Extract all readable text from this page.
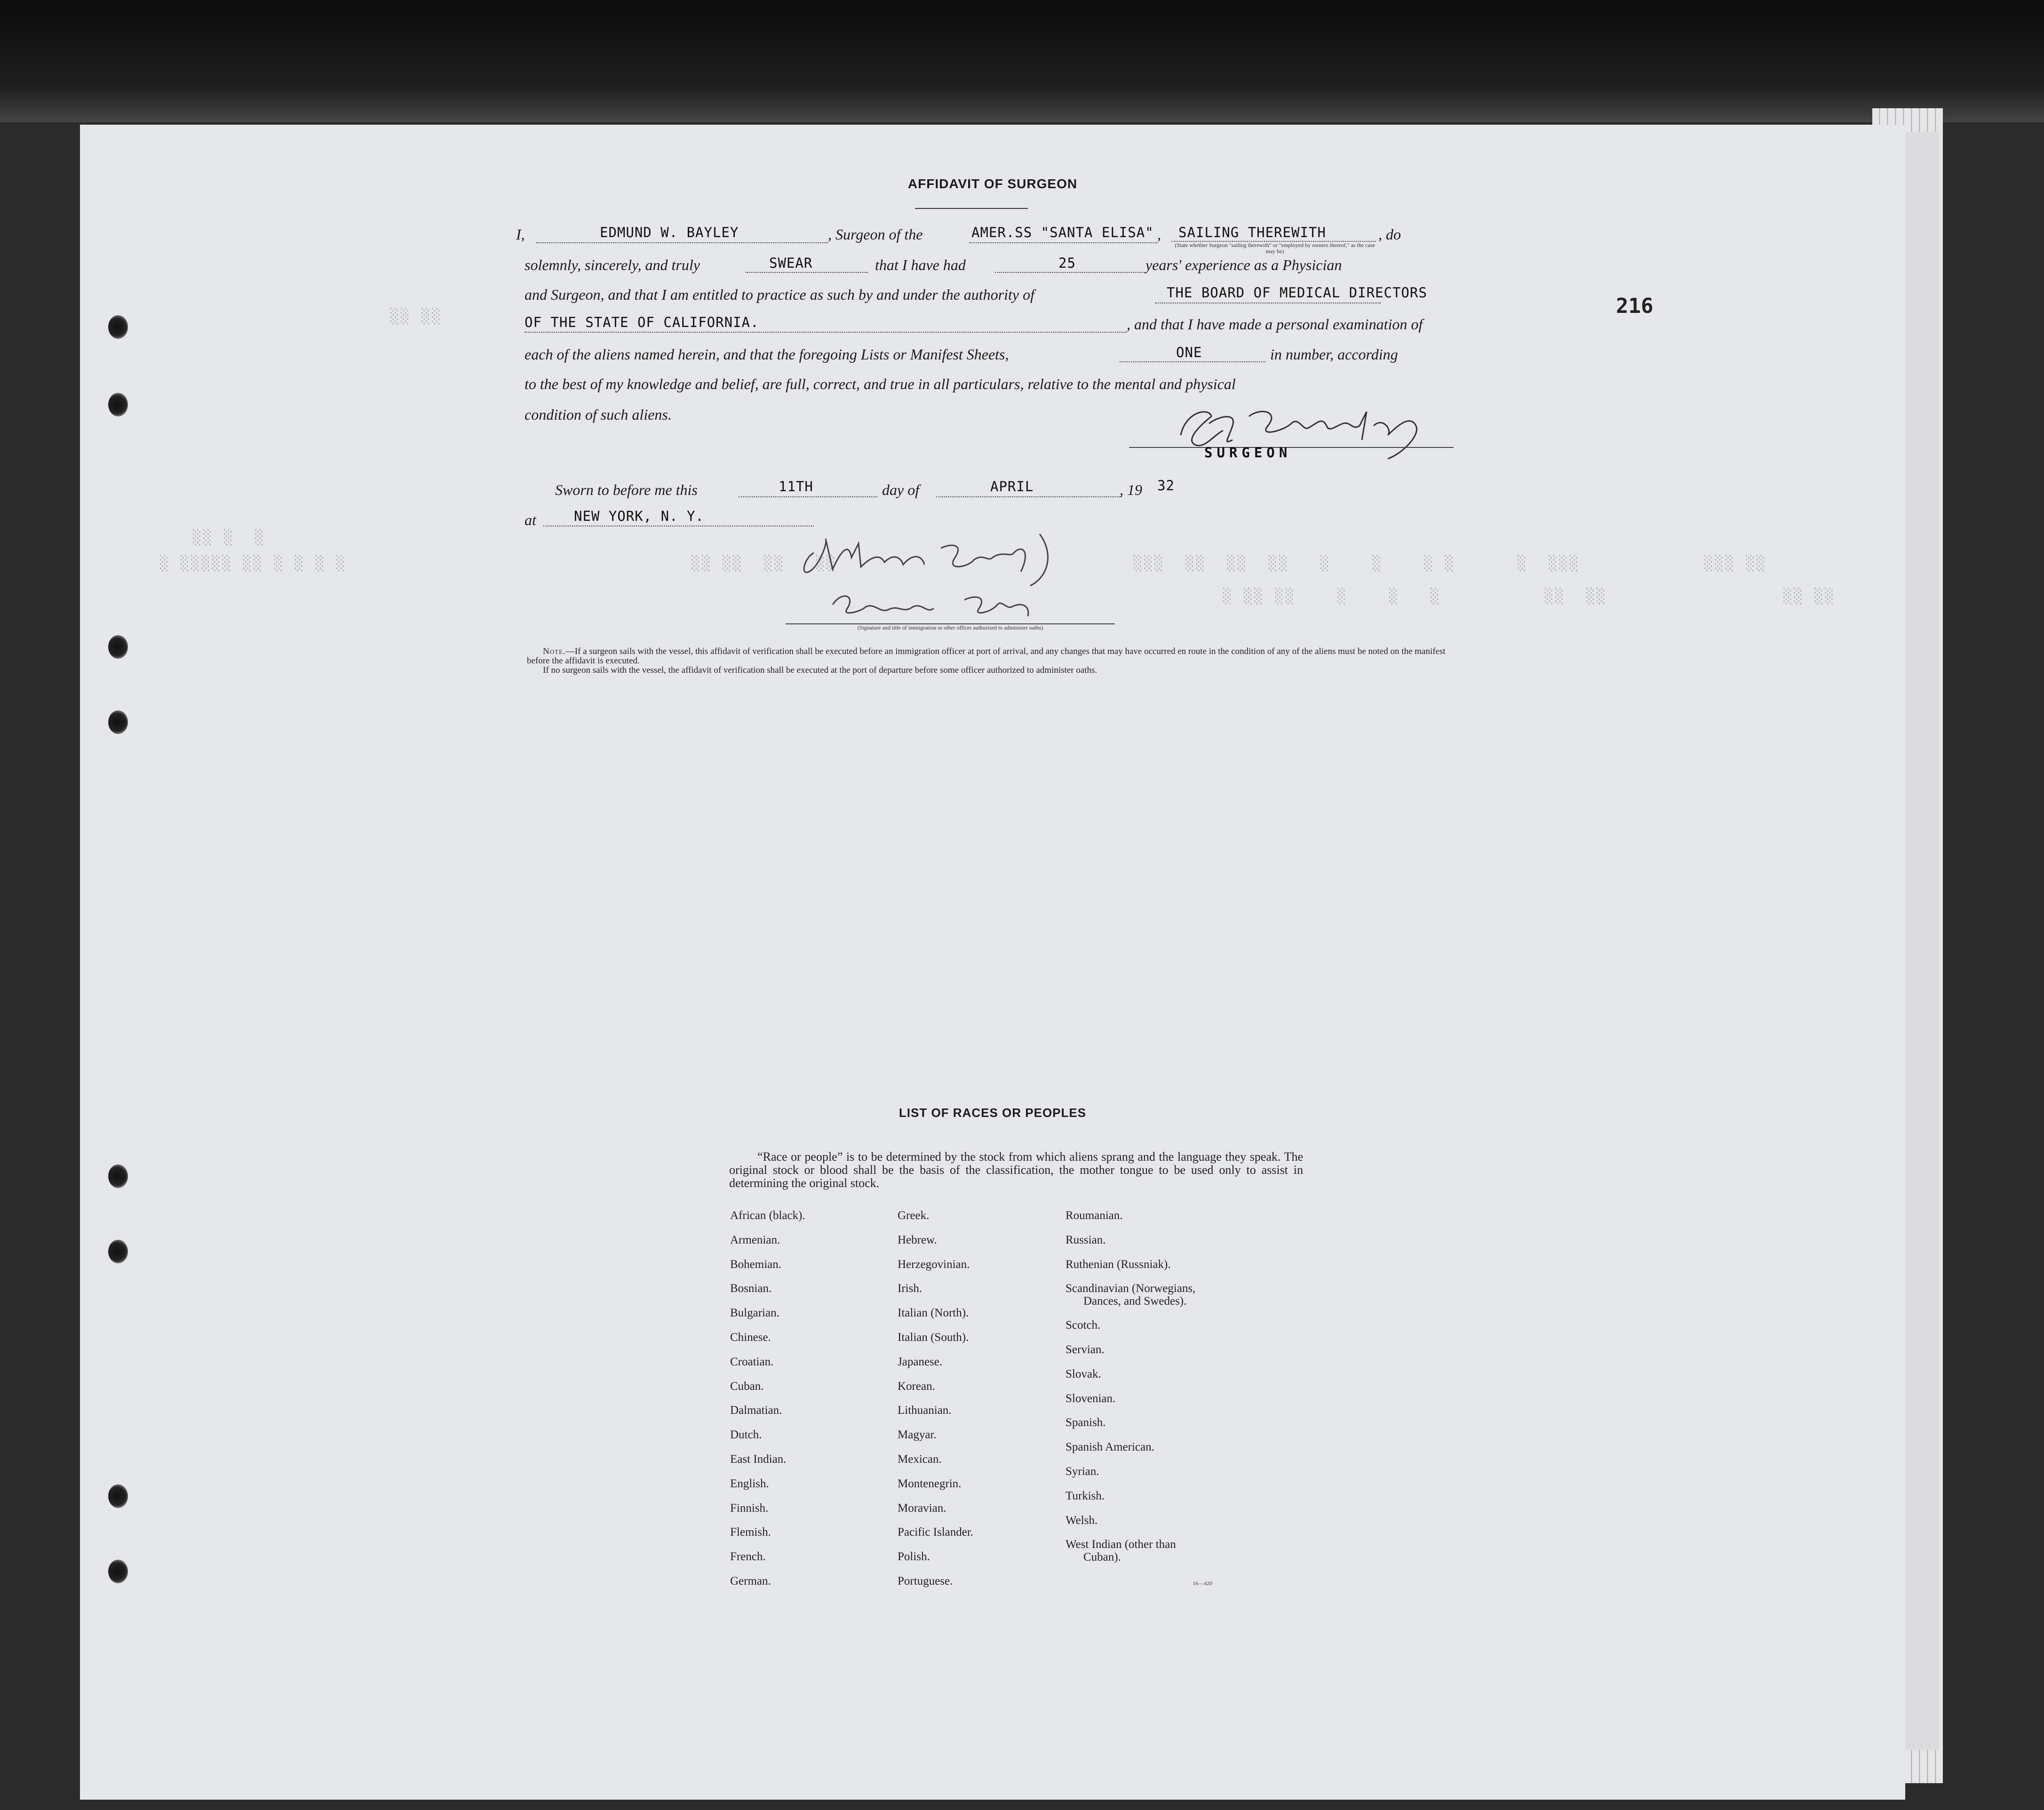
░░ ░░
░░ ░  ░
░ ░░░░░ ░░ ░ ░ ░ ░	░░ ░░  ░░   ░░	░░░  ░░  ░░  ░░   ░    ░    ░ ░      ░  ░░░            ░░░ ░░
░ ░░ ░░    ░    ░   ░          ░░  ░░                 ░░ ░░
AFFIDAVIT OF SURGEON
216
I,	EDMUND W. BAYLEY	, Surgeon of the	AMER.SS "SANTA ELISA" , SAILING THEREWITH
(State whether Surgeon "sailing therewith" or "employed by owners thereof," as the case may be)
, do
solemnly, sincerely, and truly	SWEAR	that I have had	25	years' experience as a Physician
and Surgeon, and that I am entitled to practice as such by and under the authority of	THE BOARD OF MEDICAL DIRECTORS
OF THE STATE OF CALIFORNIA.	, and that I have made a personal examination of
each of the aliens named herein, and that the foregoing Lists or Manifest Sheets,	ONE	in number, according
to the best of my knowledge and belief, are full, correct, and true in all particulars, relative to the mental and physical
condition of such aliens.
SURGEON
Sworn to before me this	11TH	day of	APRIL	, 19 32
at	NEW YORK, N. Y.
(Signature and title of immigration or other officer authorized to administer oaths)
Note.—If a surgeon sails with the vessel, this affidavit of verification shall be executed before an immigration officer at port of arrival, and any changes that may have occurred en route in the condition of any of the aliens must be noted on the manifest before the affidavit is executed.
If no surgeon sails with the vessel, the affidavit of verification shall be executed at the port of departure before some officer authorized to administer oaths.
LIST OF RACES OR PEOPLES
“Race or people” is to be determined by the stock from which aliens sprang and the language they speak. The original stock or blood shall be the basis of the classification, the mother tongue to be used only to assist in determining the original stock.
African (black).
Armenian.
Bohemian.
Bosnian.
Bulgarian.
Chinese.
Croatian.
Cuban.
Dalmatian.
Dutch.
East Indian.
English.
Finnish.
Flemish.
French.
German.
Greek.
Hebrew.
Herzegovinian.
Irish.
Italian (North).
Italian (South).
Japanese.
Korean.
Lithuanian.
Magyar.
Mexican.
Montenegrin.
Moravian.
Pacific Islander.
Polish.
Portuguese.
Roumanian.
Russian.
Ruthenian (Russniak).
Scandinavian (Norwegians,
Dances, and Swedes).
Scotch.
Servian.
Slovak.
Slovenian.
Spanish.
Spanish American.
Syrian.
Turkish.
Welsh.
West Indian (other than
Cuban).
16—420
